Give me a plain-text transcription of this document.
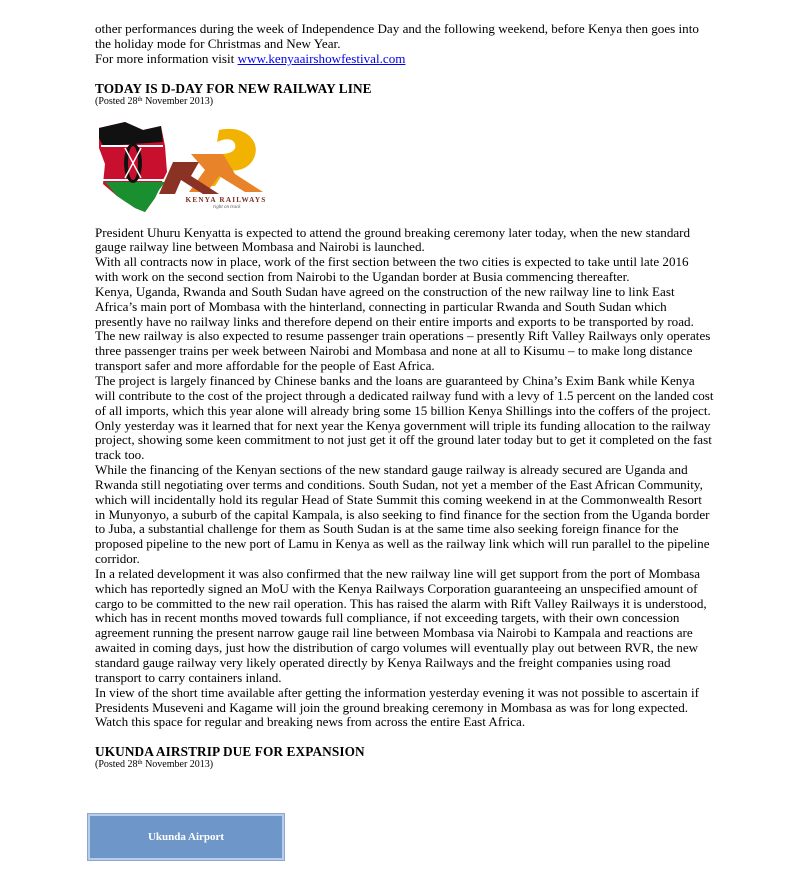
other performances during the week of Independence Day and the following weekend, before Kenya then goes into

the holiday mode for Christmas and New Year.

For more information visit www.kenyaairshowfestival.com

TODAY IS D-DAY FOR NEW RAILWAY LINE
(Posted 28th November 2013)
KENYA RAILWAYS
right on track

President Uhuru Kenyatta is expected to attend the ground breaking ceremony later today, when the new standard gauge railway line between Mombasa and Nairobi is launched.

With all contracts now in place, work of the first section between the two cities is expected to take until late 2016 with work on the second section from Nairobi to the Ugandan border at Busia commencing thereafter.

Kenya, Uganda, Rwanda and South Sudan have agreed on the construction of the new railway line to link East Africa’s main port of Mombasa with the hinterland, connecting in particular Rwanda and South Sudan which presently have no railway links and therefore depend on their entire imports and exports to be transported by road.

The new railway is also expected to resume passenger train operations – presently Rift Valley Railways only operates three passenger trains per week between Nairobi and Mombasa and none at all to Kisumu – to make long distance transport safer and more affordable for the people of East Africa.

The project is largely financed by Chinese banks and the loans are guaranteed by China’s Exim Bank while Kenya will contribute to the cost of the project through a dedicated railway fund with a levy of 1.5 percent on the landed cost of all imports, which this year alone will already bring some 15 billion Kenya Shillings into the coffers of the project.

Only yesterday was it learned that for next year the Kenya government will triple its funding allocation to the railway project, showing some keen commitment to not just get it off the ground later today but to get it completed on the fast track too.

While the financing of the Kenyan sections of the new standard gauge railway is already secured are Uganda and Rwanda still negotiating over terms and conditions. South Sudan, not yet a member of the East African Community, which will incidentally hold its regular Head of State Summit this coming weekend in at the Commonwealth Resort in Munyonyo, a suburb of the capital Kampala, is also seeking to find finance for the section from the Uganda border to Juba, a substantial challenge for them as South Sudan is at the same time also seeking foreign finance for the proposed pipeline to the new port of Lamu in Kenya as well as the railway link which will run parallel to the pipeline corridor.

In a related development it was also confirmed that the new railway line will get support from the port of Mombasa which has reportedly signed an MoU with the Kenya Railways Corporation guaranteeing an unspecified amount of cargo to be committed to the new rail operation. This has raised the alarm with Rift Valley Railways it is understood, which has in recent months moved towards full compliance, if not exceeding targets, with their own concession agreement running the present narrow gauge rail line between Mombasa via Nairobi to Kampala and reactions are awaited in coming days, just how the distribution of cargo volumes will eventually play out between RVR, the new standard gauge railway very likely operated directly by Kenya Railways and the freight companies using road transport to carry containers inland.

In view of the short time available after getting the information yesterday evening it was not possible to ascertain if Presidents Museveni and Kagame will join the ground breaking ceremony in Mombasa as was for long expected. Watch this space for regular and breaking news from across the entire East Africa.

UKUNDA AIRSTRIP DUE FOR EXPANSION
(Posted 28th November 2013)
Ukunda Airport
